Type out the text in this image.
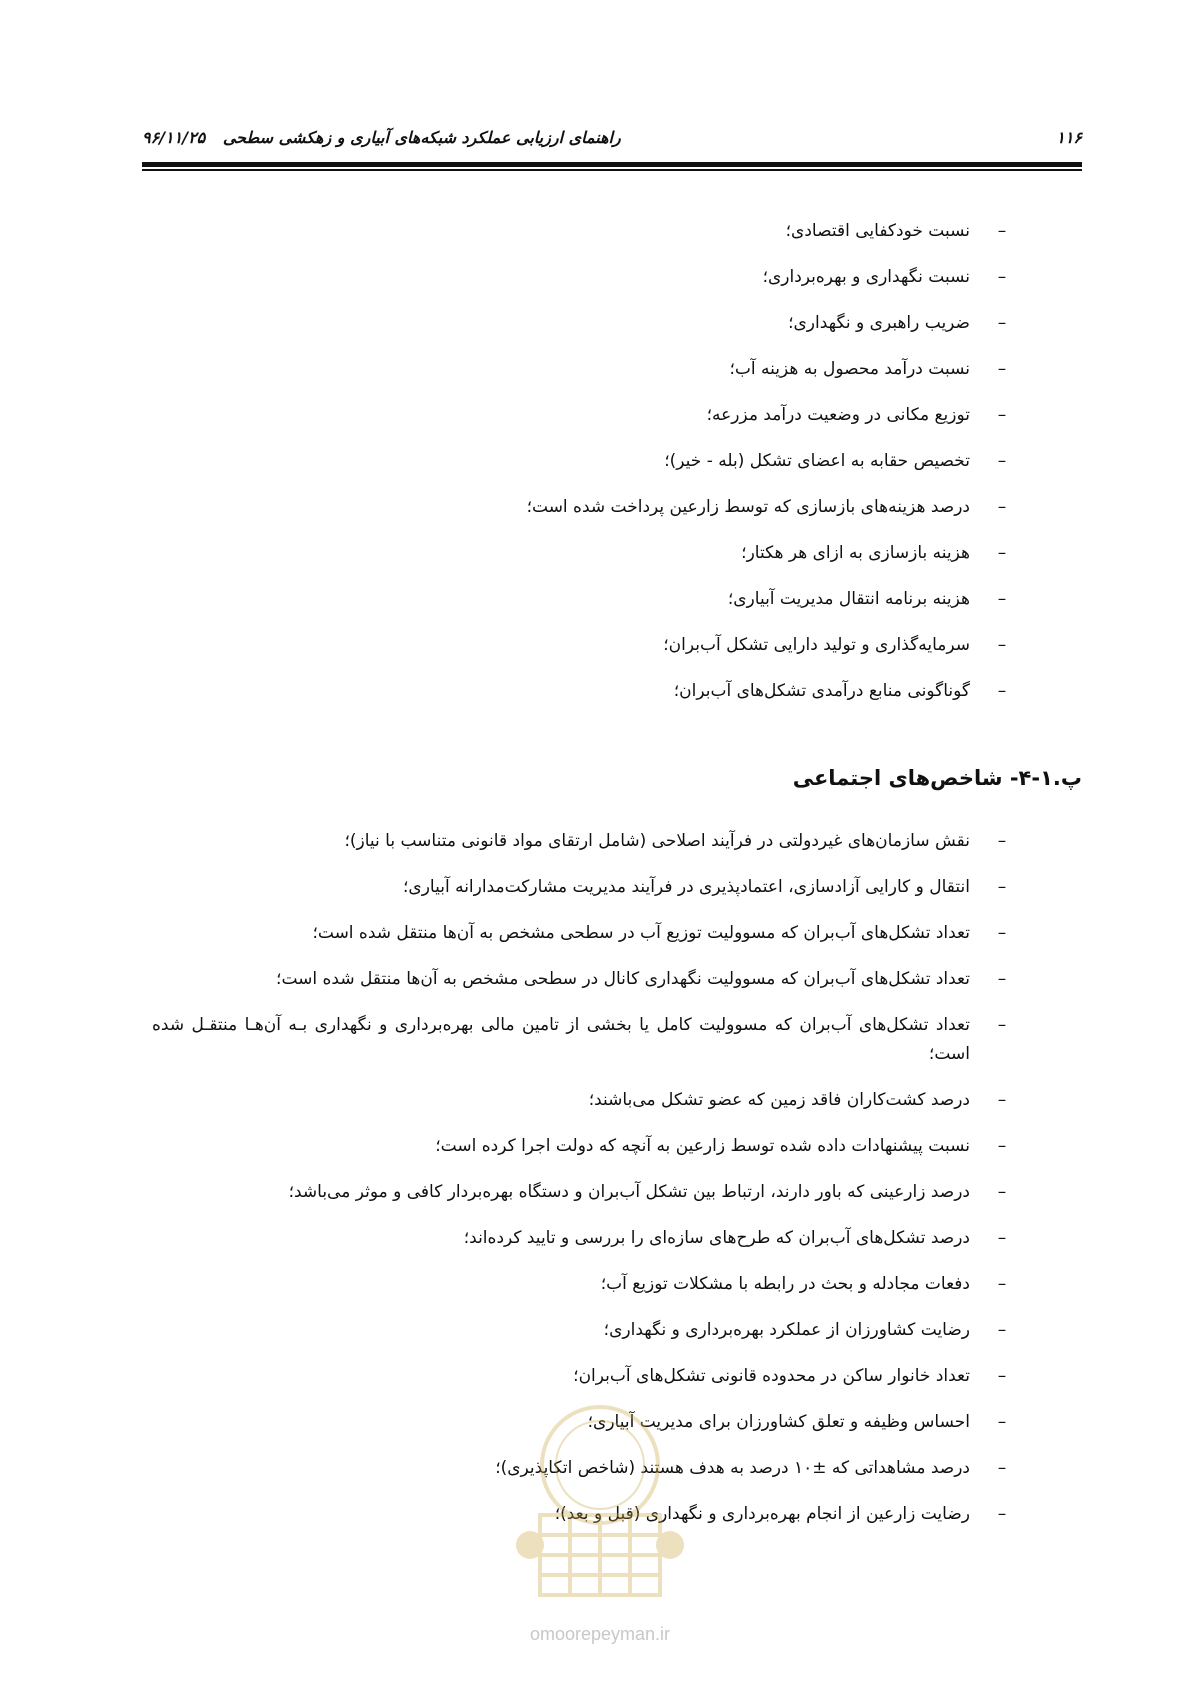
۱۱۶
راهنمای ارزیابی عملکرد شبکه‌های آبیاری و زهکشی سطحی ۹۶/۱۱/۲۵
–
نسبت خودکفایی اقتصادی؛
–
نسبت نگهداری و بهره‌برداری؛
–
ضریب راهبری و نگهداری؛
–
نسبت درآمد محصول به هزینه آب؛
–
توزیع مکانی در وضعیت درآمد مزرعه؛
–
تخصیص حقابه به اعضای تشکل (بله - خیر)؛
–
درصد هزینه‌های بازسازی که توسط زارعین پرداخت شده است؛
–
هزینه بازسازی به ازای هر هکتار؛
–
هزینه برنامه انتقال مدیریت آبیاری؛
–
سرمایه‌گذاری و تولید دارایی تشکل آب‌بران؛
–
گوناگونی منابع درآمدی تشکل‌های آب‌بران؛
پ.۱-۴- شاخص‌های اجتماعی
–
نقش سازمان‌های غیردولتی در فرآیند اصلاحی (شامل ارتقای مواد قانونی متناسب با نیاز)؛
–
انتقال و کارایی آزادسازی، اعتمادپذیری در فرآیند مدیریت مشارکت‌مدارانه آبیاری؛
–
تعداد تشکل‌های آب‌بران که مسوولیت توزیع آب در سطحی مشخص به آن‌ها منتقل شده است؛
–
تعداد تشکل‌های آب‌بران که مسوولیت نگهداری کانال در سطحی مشخص به آن‌ها منتقل شده است؛
–
تعداد تشکل‌های آب‌بران که مسوولیت کامل یا بخشی از تامین مالی بهره‌برداری و نگهداری بـه آن‌هـا منتقـل شده است؛
–
درصد کشت‌کاران فاقد زمین که عضو تشکل می‌باشند؛
–
نسبت پیشنهادات داده شده توسط زارعین به آنچه که دولت اجرا کرده است؛
–
درصد زارعینی که باور دارند، ارتباط بین تشکل آب‌بران و دستگاه بهره‌بردار کافی و موثر می‌باشد؛
–
درصد تشکل‌های آب‌بران که طرح‌های سازه‌ای را بررسی و تایید کرده‌اند؛
–
دفعات مجادله و بحث در رابطه با مشکلات توزیع آب؛
–
رضایت کشاورزان از عملکرد بهره‌برداری و نگهداری؛
–
تعداد خانوار ساکن در محدوده قانونی تشکل‌های آب‌بران؛
–
احساس وظیفه و تعلق کشاورزان برای مدیریت آبیاری؛
–
درصد مشاهداتی که ±۱۰ درصد به هدف هستند (شاخص اتکاپذیری)؛
–
رضایت زارعین از انجام بهره‌برداری و نگهداری (قبل و بعد)؛
omoorepeyman.ir
